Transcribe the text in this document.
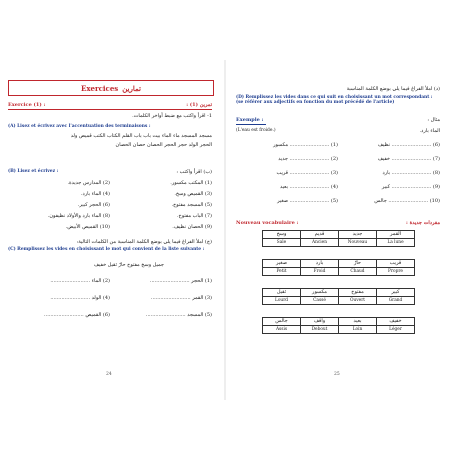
Exercices تمارين
Exercice (1) :	تمرين (1) :
1- اقرأ واكتب مع ضبط أواخر الكلمات.
(A) Lisez et écrivez avec l'accentuation des terminaisons :
مسجد المسجد ماء الماء بيت باب باب القلم الكتاب الكتب قميص ولد
الحجر الولد حجر الحجر الحصان حصان الحصان
(B) Lisez et écrivez :	(ب) اقرأ واكتب :
(1) المكتب مكسور.
(2) المدارس جديدة.
(3) القميص وسخ.
(4) الماء بارد.
(5) المسجد مفتوح.
(6) الحجر كبير.
(7) الباب مفتوح.
(8) الماء بارد والأولاد نظيفون.
(9) الحصان نظيف.
(10) القميص الأبيض.
(ج) املأ الفراغ فيما يلي بوضع الكلمة المناسبة من الكلمات التالية:
(C) Remplissez les vides en choisissant le mot qui convient de la liste suivante :
جميل وسخ مفتوح حارّ ثقيل خفيف
(1) الحجر .........................
(2) الماء .........................
(3) القمر .........................
(4) الولد .........................
(5) المسجد .........................
(6) القميص .........................
24
(د) املأ الفراغ فيما يلي بوضع الكلمة المناسبة
(D) Remplissez les vides dans ce qui suit en choisissant un mot correspondant : (se référer aux adjectifs en fonction du mot précédé de l'article)
Exemple :	مثال :
(L'eau est froide.)	الماء بارد.
(1) ......................... مكسور
(2) ......................... جديد
(3) ......................... قريب
(4) ......................... بعيد
(5) ......................... صغير
(6) ......................... نظيف
(7) ......................... خفيف
(8) ......................... بارد
(9) ......................... كبير
(10) ......................... جالس
Nouveau vocabulaire :	مفردات جديدة :
وسخ	قديم	جديد	القمر
Sale	Ancien	Nouveau	La lune
صغير	بارد	حارّ	قريب
Petit	Froid	Chaud	Propre
ثقيل	مكسور	مفتوح	كبير
Lourd	Cassé	Ouvert	Grand
جالس	واقف	بعيد	خفيف
Assis	Debout	Loin	Léger
25
